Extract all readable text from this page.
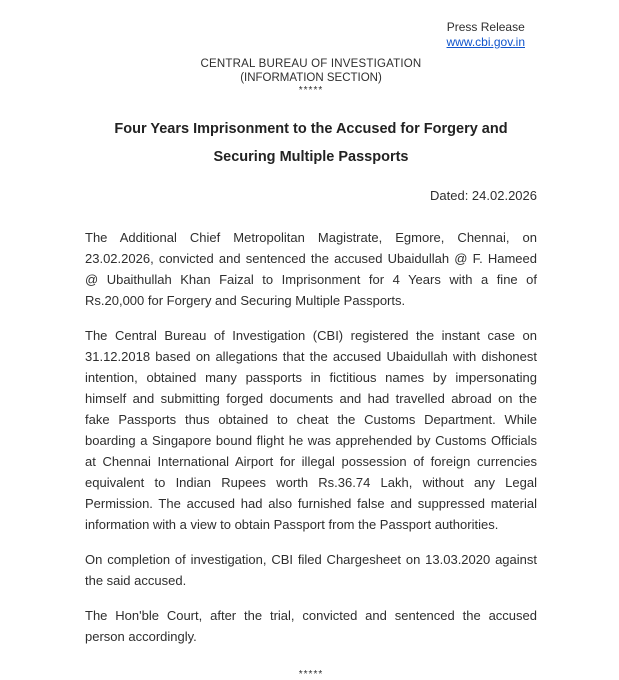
Press Release
www.cbi.gov.in
CENTRAL BUREAU OF INVESTIGATION
(INFORMATION SECTION)
*****
Four Years Imprisonment to the Accused for Forgery and
Securing Multiple Passports
Dated: 24.02.2026

The Additional Chief Metropolitan Magistrate, Egmore, Chennai, on 23.02.2026, convicted and sentenced the accused Ubaidullah @ F. Hameed @ Ubaithullah Khan Faizal to Imprisonment for 4 Years with a fine of Rs.20,000 for Forgery and Securing Multiple Passports.

The Central Bureau of Investigation (CBI) registered the instant case on 31.12.2018 based on allegations that the accused Ubaidullah with dishonest intention, obtained many passports in fictitious names by impersonating himself and submitting forged documents and had travelled abroad on the fake Passports thus obtained to cheat the Customs Department. While boarding a Singapore bound flight he was apprehended by Customs Officials at Chennai International Airport for illegal possession of foreign currencies equivalent to Indian Rupees worth Rs.36.74 Lakh, without any Legal Permission. The accused had also furnished false and suppressed material information with a view to obtain Passport from the Passport authorities.

On completion of investigation, CBI filed Chargesheet on 13.03.2020 against the said accused.

The Hon'ble Court, after the trial, convicted and sentenced the accused person accordingly.

*****
